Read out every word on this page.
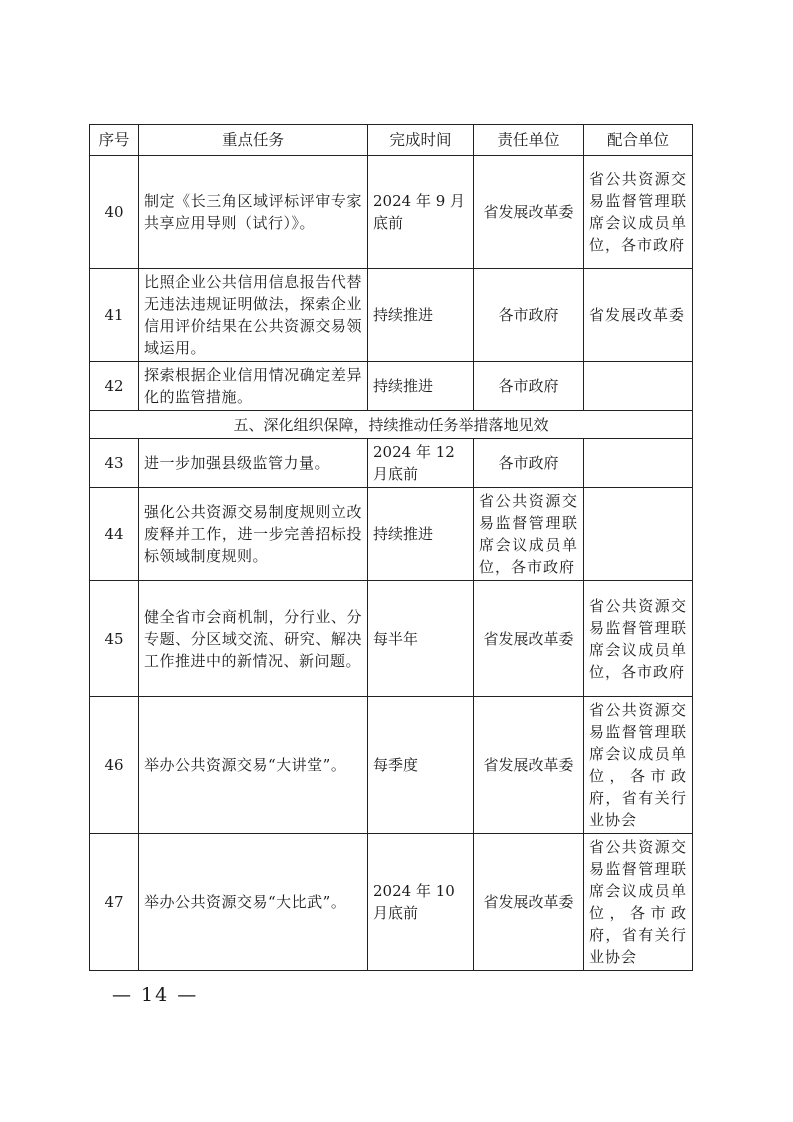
序号	重点任务	完成时间	责任单位	配合单位
40	制定《长三角区域评标评审专家共享应用导则（试行）》。	2024 年 9 月底前	省发展改革委	省公共资源交易监督管理联席会议成员单位，各市政府
41	比照企业公共信用信息报告代替无违法违规证明做法，探索企业信用评价结果在公共资源交易领域运用。	持续推进	各市政府	省发展改革委
42	探索根据企业信用情况确定差异化的监管措施。	持续推进	各市政府	
五、深化组织保障，持续推动任务举措落地见效				
43	进一步加强县级监管力量。	2024 年 12 月底前	各市政府	
44	强化公共资源交易制度规则立改废释并工作，进一步完善招标投标领域制度规则。	持续推进	省公共资源交易监督管理联席会议成员单位，各市政府	
45	健全省市会商机制，分行业、分专题、分区域交流、研究、解决工作推进中的新情况、新问题。	每半年	省发展改革委	省公共资源交易监督管理联席会议成员单位，各市政府
46	举办公共资源交易“大讲堂”。	每季度	省发展改革委	省公共资源交易监督管理联席会议成员单位，各市政府，省有关行业协会
47	举办公共资源交易“大比武”。	2024 年 10 月底前	省发展改革委	省公共资源交易监督管理联席会议成员单位，各市政府，省有关行业协会
— 14 —
